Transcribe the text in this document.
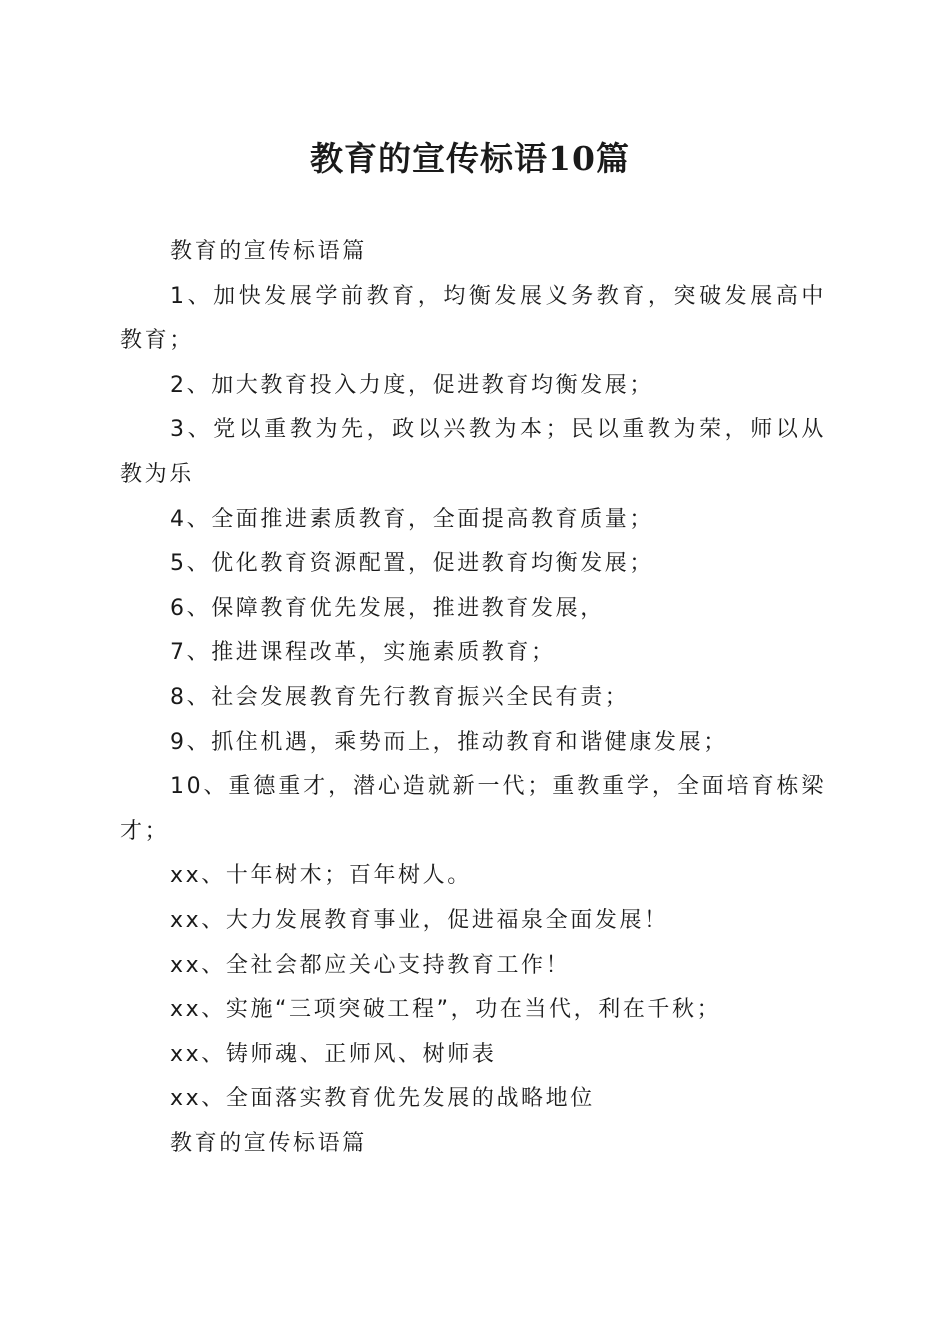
教育的宣传标语10篇

教育的宣传标语篇

1、加快发展学前教育，均衡发展义务教育，突破发展高中教育；

2、加大教育投入力度，促进教育均衡发展；

3、党以重教为先，政以兴教为本；民以重教为荣，师以从教为乐

4、全面推进素质教育，全面提高教育质量；

5、优化教育资源配置，促进教育均衡发展；

6、保障教育优先发展，推进教育发展，

7、推进课程改革，实施素质教育；

8、社会发展教育先行教育振兴全民有责；

9、抓住机遇，乘势而上，推动教育和谐健康发展；

10、重德重才，潜心造就新一代；重教重学，全面培育栋梁才；

xx、十年树木；百年树人。

xx、大力发展教育事业，促进福泉全面发展！

xx、全社会都应关心支持教育工作！

xx、实施“三项突破工程”，功在当代，利在千秋；

xx、铸师魂、正师风、树师表

xx、全面落实教育优先发展的战略地位

教育的宣传标语篇
